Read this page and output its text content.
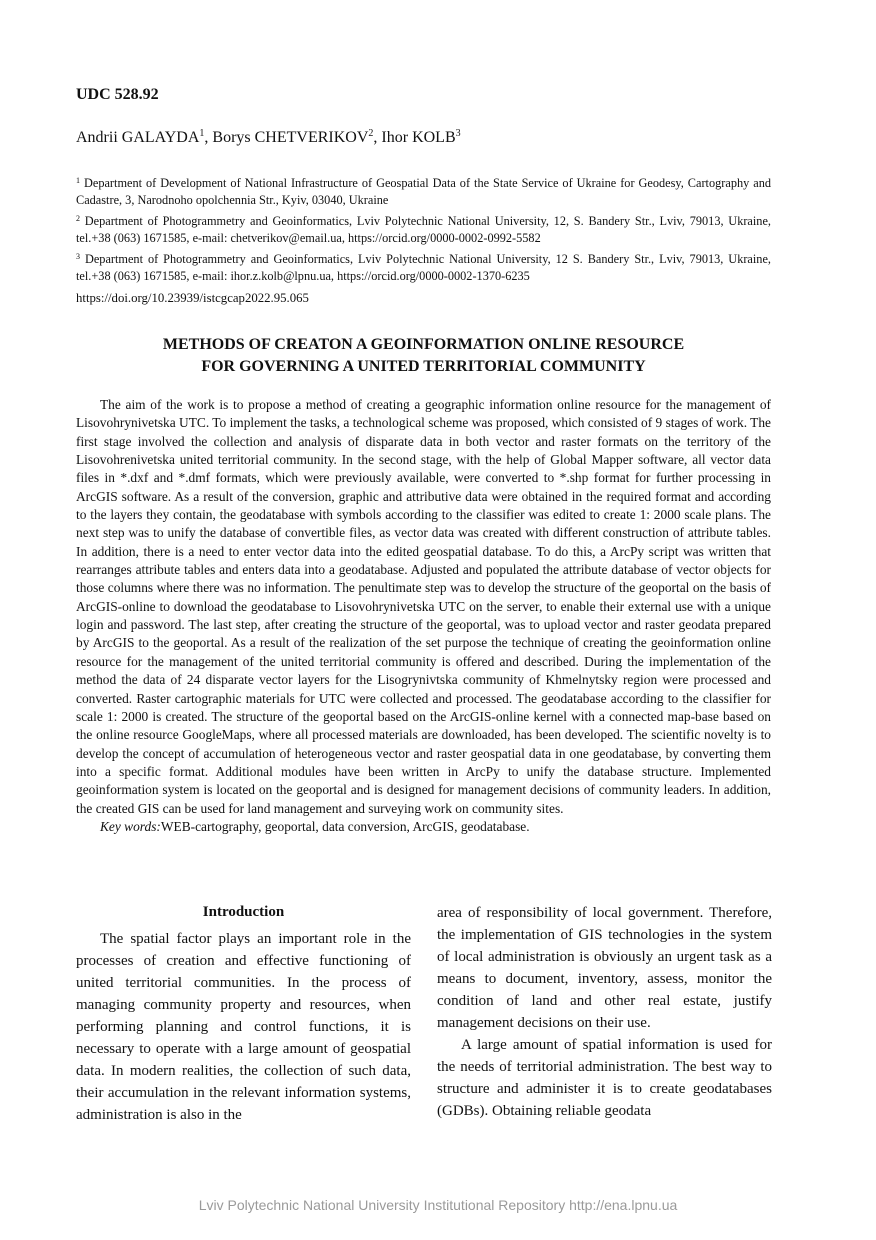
UDC 528.92
Andrii GALAYDA$^1$, Borys CHETVERIKOV$^2$, Ihor KOLB$^3$

$^1$ Department of Development of National Infrastructure of Geospatial Data of the State Service of Ukraine for Geodesy, Cartography and Cadastre, 3, Narodnoho opolchennia Str., Kyiv, 03040, Ukraine

$^2$ Department of Photogrammetry and Geoinformatics, Lviv Polytechnic National University, 12, S. Bandery Str., Lviv, 79013, Ukraine, tel.+38 (063) 1671585, e-mail: chetverikov@email.ua, https://orcid.org/0000-0002-0992-5582

$^3$ Department of Photogrammetry and Geoinformatics, Lviv Polytechnic National University, 12 S. Bandery Str., Lviv, 79013, Ukraine, tel.+38 (063) 1671585, e-mail: ihor.z.kolb@lpnu.ua, https://orcid.org/0000-0002-1370-6235

https://doi.org/10.23939/istcgcap2022.95.065
METHODS OF CREATON A GEOINFORMATION ONLINE RESOURCE
FOR GOVERNING A UNITED TERRITORIAL COMMUNITY

The aim of the work is to propose a method of creating a geographic information online resource for the management of Lisovohrynivetska UTC. To implement the tasks, a technological scheme was proposed, which consisted of 9 stages of work. The first stage involved the collection and analysis of disparate data in both vector and raster formats on the territory of the Lisovohrenivetska united territorial community. In the second stage, with the help of Global Mapper software, all vector data files in *.dxf and *.dmf formats, which were previously available, were converted to *.shp format for further processing in ArcGIS software. As a result of the conversion, graphic and attributive data were obtained in the required format and according to the layers they contain, the geodatabase with symbols according to the classifier was edited to create 1: 2000 scale plans. The next step was to unify the database of convertible files, as vector data was created with different construction of attribute tables. In addition, there is a need to enter vector data into the edited geospatial database. To do this, a ArcPy script was written that rearranges attribute tables and enters data into a geodatabase. Adjusted and populated the attribute database of vector objects for those columns where there was no information. The penultimate step was to develop the structure of the geoportal on the basis of ArcGIS-online to download the geodatabase to Lisovohrynivetska UTC on the server, to enable their external use with a unique login and password. The last step, after creating the structure of the geoportal, was to upload vector and raster geodata prepared by ArcGIS to the geoportal. As a result of the realization of the set purpose the technique of creating the geoinformation online resource for the management of the united territorial community is offered and described. During the implementation of the method the data of 24 disparate vector layers for the Lisogrynivtska community of Khmelnytsky region were processed and converted. Raster cartographic materials for UTC were collected and processed. The geodatabase according to the classifier for scale 1: 2000 is created. The structure of the geoportal based on the ArcGIS-online kernel with a connected map-base based on the online resource GoogleMaps, where all processed materials are downloaded, has been developed. The scientific novelty is to develop the concept of accumulation of heterogeneous vector and raster geospatial data in one geodatabase, by converting them into a specific format. Additional modules have been written in ArcPy to unify the database structure. Implemented geoinformation system is located on the geoportal and is designed for management decisions of community leaders. In addition, the created GIS can be used for land management and surveying work on community sites.

Key words:WEB-cartography, geoportal, data conversion, ArcGIS, geodatabase.

Introduction

The spatial factor plays an important role in the processes of creation and effective functioning of united territorial communities. In the process of managing community property and resources, when performing planning and control functions, it is necessary to operate with a large amount of geospatial data. In modern realities, the collection of such data, their accumulation in the relevant information systems, administration is also in the

area of responsibility of local government. Therefore, the implementation of GIS technologies in the system of local administration is obviously an urgent task as a means to document, inventory, assess, monitor the condition of land and other real estate, justify management decisions on their use.

A large amount of spatial information is used for the needs of territorial administration. The best way to structure and administer it is to create geodatabases (GDBs). Obtaining reliable geodata

Lviv Polytechnic National University Institutional Repository http://ena.lpnu.ua
